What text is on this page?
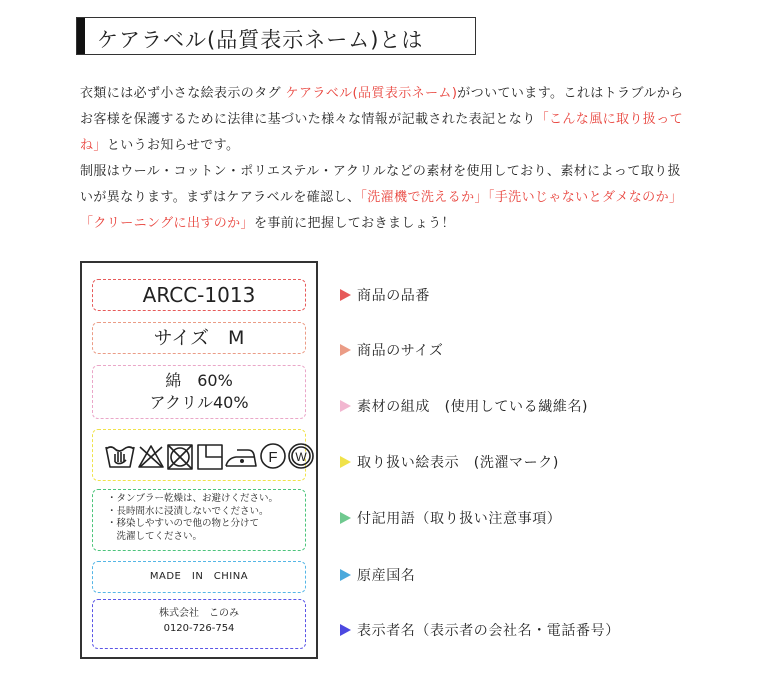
ケアラベル(品質表示ネーム)とは

衣類には必ず小さな絵表示のタグ ケアラベル(品質表示ネーム)がついています。これはトラブルからお客様を保護するために法律に基づいた様々な情報が記載された表記となり「こんな風に取り扱ってね」というお知らせです。

制服はウール・コットン・ポリエステル・アクリルなどの素材を使用しており、素材によって取り扱いが異なります。まずはケアラベルを確認し、「洗濯機で洗えるか」「手洗いじゃないとダメなのか」「クリーニングに出すのか」を事前に把握しておきましょう！

ARCC-1013
サイズ　M
綿　60%
アクリル40%
F W
・タンブラー乾燥は、お避けください。
・長時間水に浸漬しないでください。
・移染しやすいので他の物と分けて
　洗濯してください。
MADE　IN　CHINA
株式会社　このみ
0120-726-754
商品の品番
商品のサイズ
素材の組成　(使用している繊維名)
取り扱い絵表示　(洗濯マーク)
付記用語（取り扱い注意事項）
原産国名
表示者名（表示者の会社名・電話番号）
